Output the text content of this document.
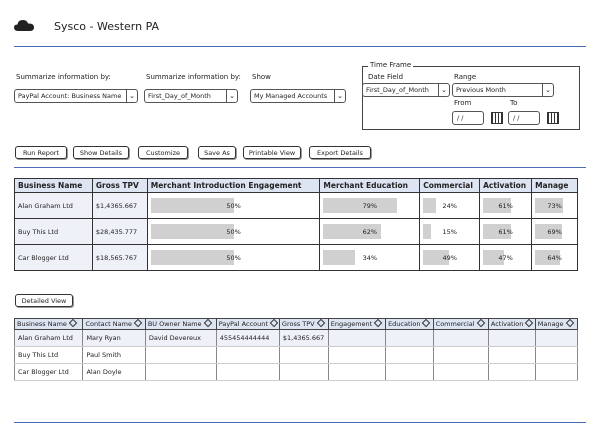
Sysco - Western PA
Summarize information by:
PayPal Account: Business Name	⌄
Summarize information by:
First_Day_of_Month	⌄
Show
My Managed Accounts	⌄
Time Frame
Date Field
First_Day_of_Month	⌄
Range
Previous Month	⌄
From
/ /
To
/ /
Run Report	Show Details	Customize	Save As	Printable View	Export Details
Business Name	Gross TPV	Merchant Introduction Engagement	Merchant Education	Commercial	Activation	Manage
Alan Graham Ltd	$1,4365.667	50%	79%	24%	61%	73%

Buy This Ltd	$28,435.777	50%	62%	15%	61%	69%

Car Blogger Ltd	$18,565.767	50%	34%	49%	47%	64%
Detailed View
Business Name	Contact Name	BU Owner Name	PayPal Account	Gross TPV	Engagement	Education	Commercial	Activation	Manage
Alan Graham Ltd	Mary Ryan	David Devereux	455454444444	$1,4365.667					
Buy This Ltd	Paul Smith								
Car Blogger Ltd	Alan Doyle								
